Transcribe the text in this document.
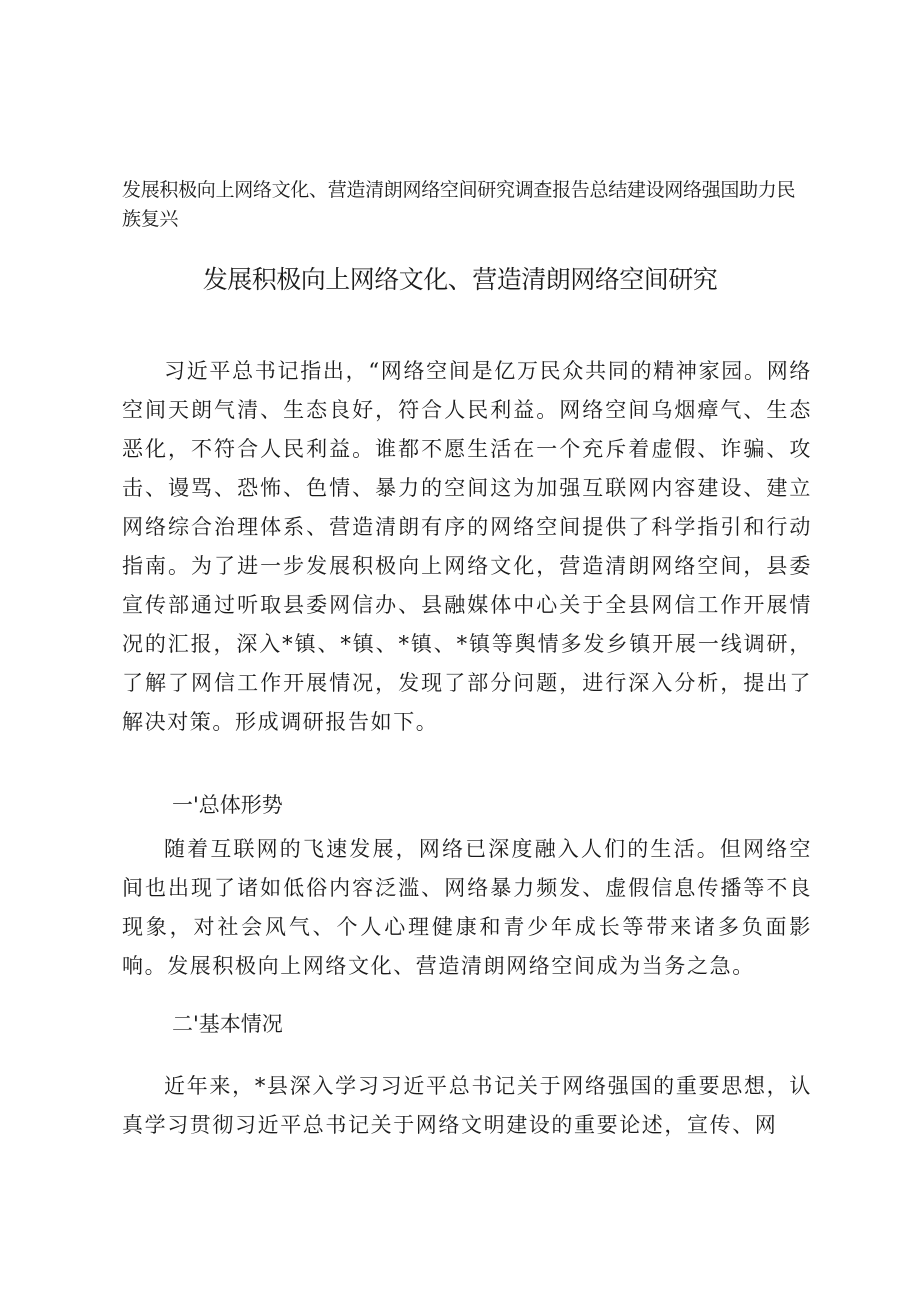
发展积极向上网络文化、营造清朗网络空间研究调查报告总结建设网络强国助力民族复兴

发展积极向上网络文化、营造清朗网络空间研究

习近平总书记指出，“网络空间是亿万民众共同的精神家园。网络空间天朗气清、生态良好，符合人民利益。网络空间乌烟瘴气、生态恶化，不符合人民利益。谁都不愿生活在一个充斥着虚假、诈骗、攻击、谩骂、恐怖、色情、暴力的空间这为加强互联网内容建设、建立网络综合治理体系、营造清朗有序的网络空间提供了科学指引和行动指南。为了进一步发展积极向上网络文化，营造清朗网络空间，县委宣传部通过听取县委网信办、县融媒体中心关于全县网信工作开展情况的汇报，深入*镇、*镇、*镇、*镇等舆情多发乡镇开展一线调研，了解了网信工作开展情况，发现了部分问题，进行深入分析，提出了解决对策。形成调研报告如下。

一'总体形势

随着互联网的飞速发展，网络已深度融入人们的生活。但网络空间也出现了诸如低俗内容泛滥、网络暴力频发、虚假信息传播等不良现象，对社会风气、个人心理健康和青少年成长等带来诸多负面影响。发展积极向上网络文化、营造清朗网络空间成为当务之急。

二'基本情况

近年来，*县深入学习习近平总书记关于网络强国的重要思想，认真学习贯彻习近平总书记关于网络文明建设的重要论述，宣传、网
